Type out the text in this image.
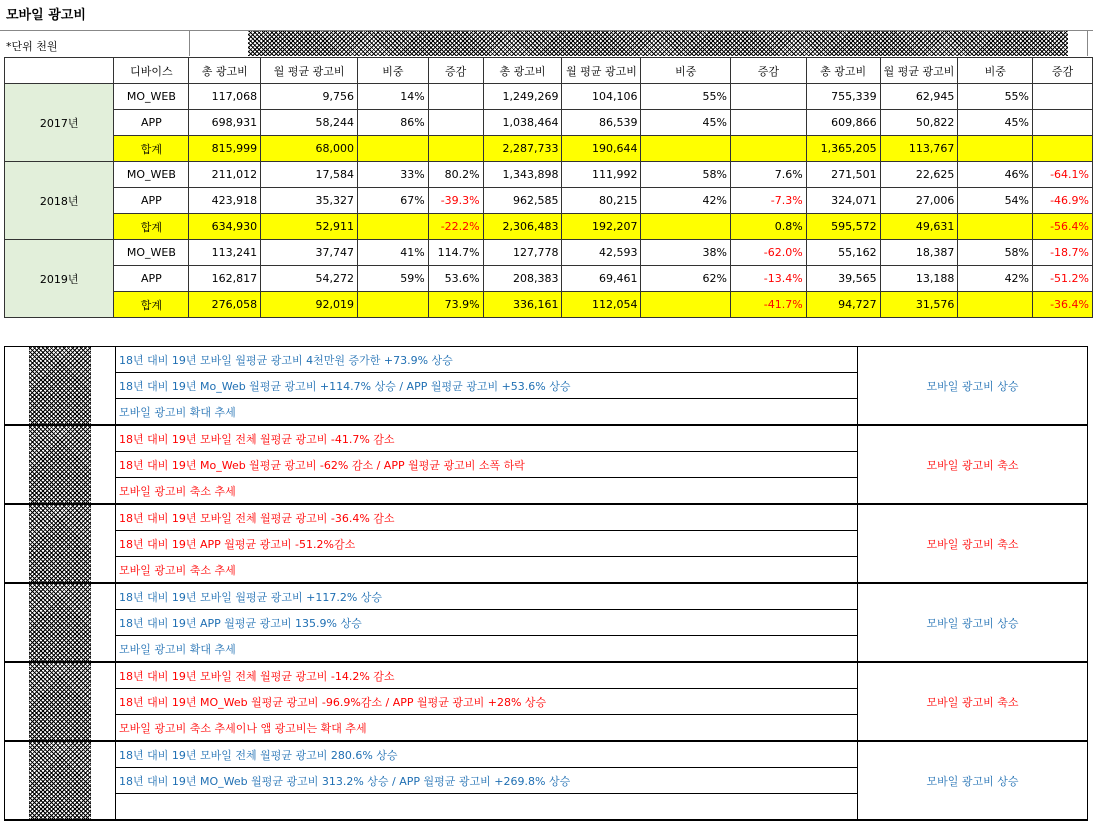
모바일 광고비
*단위 천원
	디바이스	총 광고비	월 평균 광고비	비중	증감	총 광고비	월 평균 광고비	비중	증감	총 광고비	월 평균 광고비	비중	증감
2017년	MO_WEB	117,068	9,756	14%		1,249,269	104,106	55%		755,339	62,945	55%	
	APP	698,931	58,244	86%		1,038,464	86,539	45%		609,866	50,822	45%	
	합계	815,999	68,000			2,287,733	190,644			1,365,205	113,767		
2018년	MO_WEB	211,012	17,584	33%	80.2%	1,343,898	111,992	58%	7.6%	271,501	22,625	46%	-64.1%
	APP	423,918	35,327	67%	-39.3%	962,585	80,215	42%	-7.3%	324,071	27,006	54%	-46.9%
	합계	634,930	52,911		-22.2%	2,306,483	192,207		0.8%	595,572	49,631		-56.4%
2019년	MO_WEB	113,241	37,747	41%	114.7%	127,778	42,593	38%	-62.0%	55,162	18,387	58%	-18.7%
	APP	162,817	54,272	59%	53.6%	208,383	69,461	62%	-13.4%	39,565	13,188	42%	-51.2%
	합계	276,058	92,019		73.9%	336,161	112,054		-41.7%	94,727	31,576		-36.4%
	18년 대비 19년 모바일 월평균 광고비 4천만원 증가한 +73.9% 상승	모바일 광고비 상승
	18년 대비 19년 Mo_Web 월평균 광고비 +114.7% 상승 / APP 월평균 광고비 +53.6% 상승	
	모바일 광고비 확대 추세	

	18년 대비 19년 모바일 전체 월평균 광고비 -41.7% 감소	모바일 광고비 축소
	18년 대비 19년 Mo_Web 월평균 광고비 -62% 감소 / APP 월평균 광고비 소폭 하락	
	모바일 광고비 축소 추세	

	18년 대비 19년 모바일 전체 월평균 광고비 -36.4% 감소	모바일 광고비 축소
	18년 대비 19년 APP 월평균 광고비 -51.2%감소	
	모바일 광고비 축소 추세	

	18년 대비 19년 모바일 월평균 광고비 +117.2% 상승	모바일 광고비 상승
	18년 대비 19년 APP 월평균 광고비 135.9% 상승	
	모바일 광고비 확대 추세	

	18년 대비 19년 모바일 전체 월평균 광고비 -14.2% 감소	모바일 광고비 축소
	18년 대비 19년 MO_Web 월평균 광고비 -96.9%감소 / APP 월평균 광고비 +28% 상승	
	모바일 광고비 축소 추세이나 앱 광고비는 확대 추세	

	18년 대비 19년 모바일 전체 월평균 광고비 280.6% 상승	모바일 광고비 상승
	18년 대비 19년 MO_Web 월평균 광고비 313.2% 상승 / APP 월평균 광고비 +269.8% 상승	
